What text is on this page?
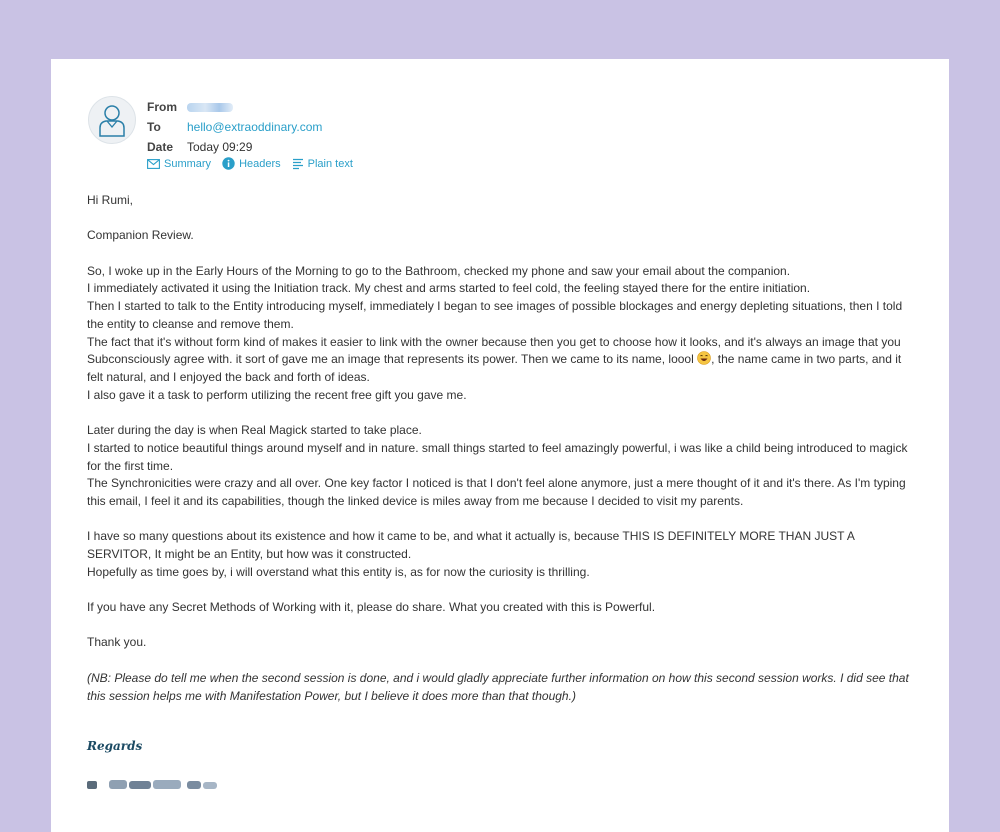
From
To	hello@extraoddinary.com
Date	Today 09:29
Summary	Headers Plain text

Hi Rumi,

Companion Review.

So, I woke up in the Early Hours of the Morning to go to the Bathroom, checked my phone and saw your email about the companion.
I immediately activated it using the Initiation track. My chest and arms started to feel cold, the feeling stayed there for the entire initiation.
Then I started to talk to the Entity introducing myself, immediately I began to see images of possible blockages and energy depleting situations, then I told the entity to cleanse and remove them.
The fact that it's without form kind of makes it easier to link with the owner because then you get to choose how it looks, and it's always an image that you Subconsciously agree with. it sort of gave me an image that represents its power. Then we came to its name, loool , the name came in two parts, and it felt natural, and I enjoyed the back and forth of ideas.
I also gave it a task to perform utilizing the recent free gift you gave me.

Later during the day is when Real Magick started to take place.
I started to notice beautiful things around myself and in nature. small things started to feel amazingly powerful, i was like a child being introduced to magick for the first time.
The Synchronicities were crazy and all over. One key factor I noticed is that I don't feel alone anymore, just a mere thought of it and it's there. As I'm typing this email, I feel it and its capabilities, though the linked device is miles away from me because I decided to visit my parents.

I have so many questions about its existence and how it came to be, and what it actually is, because THIS IS DEFINITELY MORE THAN JUST A SERVITOR, It might be an Entity, but how was it constructed.
Hopefully as time goes by, i will overstand what this entity is, as for now the curiosity is thrilling.

If you have any Secret Methods of Working with it, please do share. What you created with this is Powerful.

Thank you.

(NB: Please do tell me when the second session is done, and i would gladly appreciate further information on how this second session works. I did see that this session helps me with Manifestation Power, but I believe it does more than that though.)

Regards
